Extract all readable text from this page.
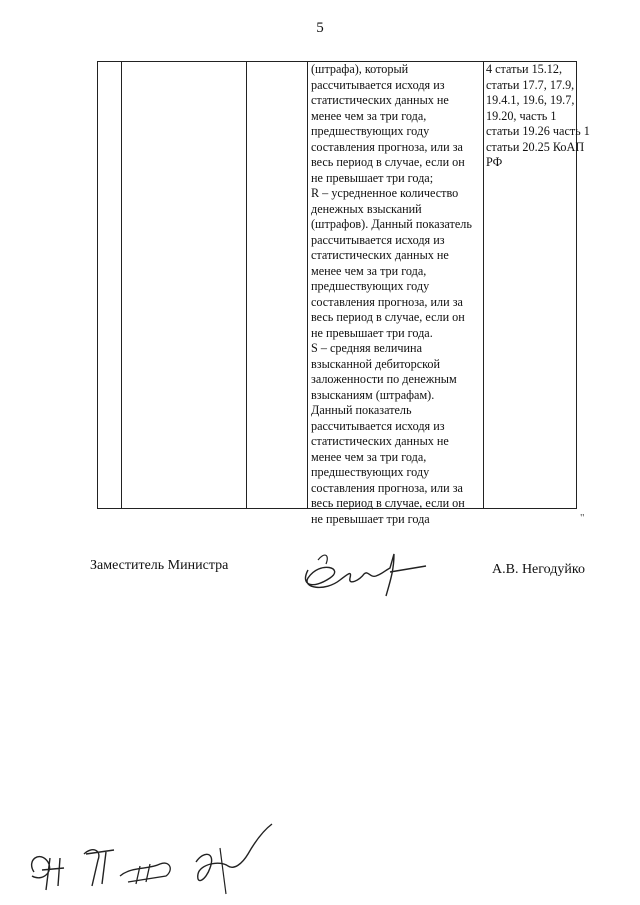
5
(штрафа), который
рассчитывается исходя из
статистических данных не
менее чем за три года,
предшествующих году
составления прогноза, или за
весь период в случае, если он
не превышает три года;
R – усредненное количество
денежных взысканий
(штрафов). Данный показатель
рассчитывается исходя из
статистических данных не
менее чем за три года,
предшествующих году
составления прогноза, или за
весь период в случае, если он
не превышает три года.
S – средняя величина
взысканной дебиторской
заложенности по денежным
взысканиям (штрафам).
Данный показатель
рассчитывается исходя из
статистических данных не
менее чем за три года,
предшествующих году
составления прогноза, или за
весь период в случае, если он
не превышает три года
4 статьи 15.12,
статьи 17.7, 17.9,
19.4.1, 19.6, 19.7,
19.20, часть 1
статьи 19.26 часть 1
статьи 20.25 КоАП
РФ
"
Заместитель Министра	А.В. Негодуйко
